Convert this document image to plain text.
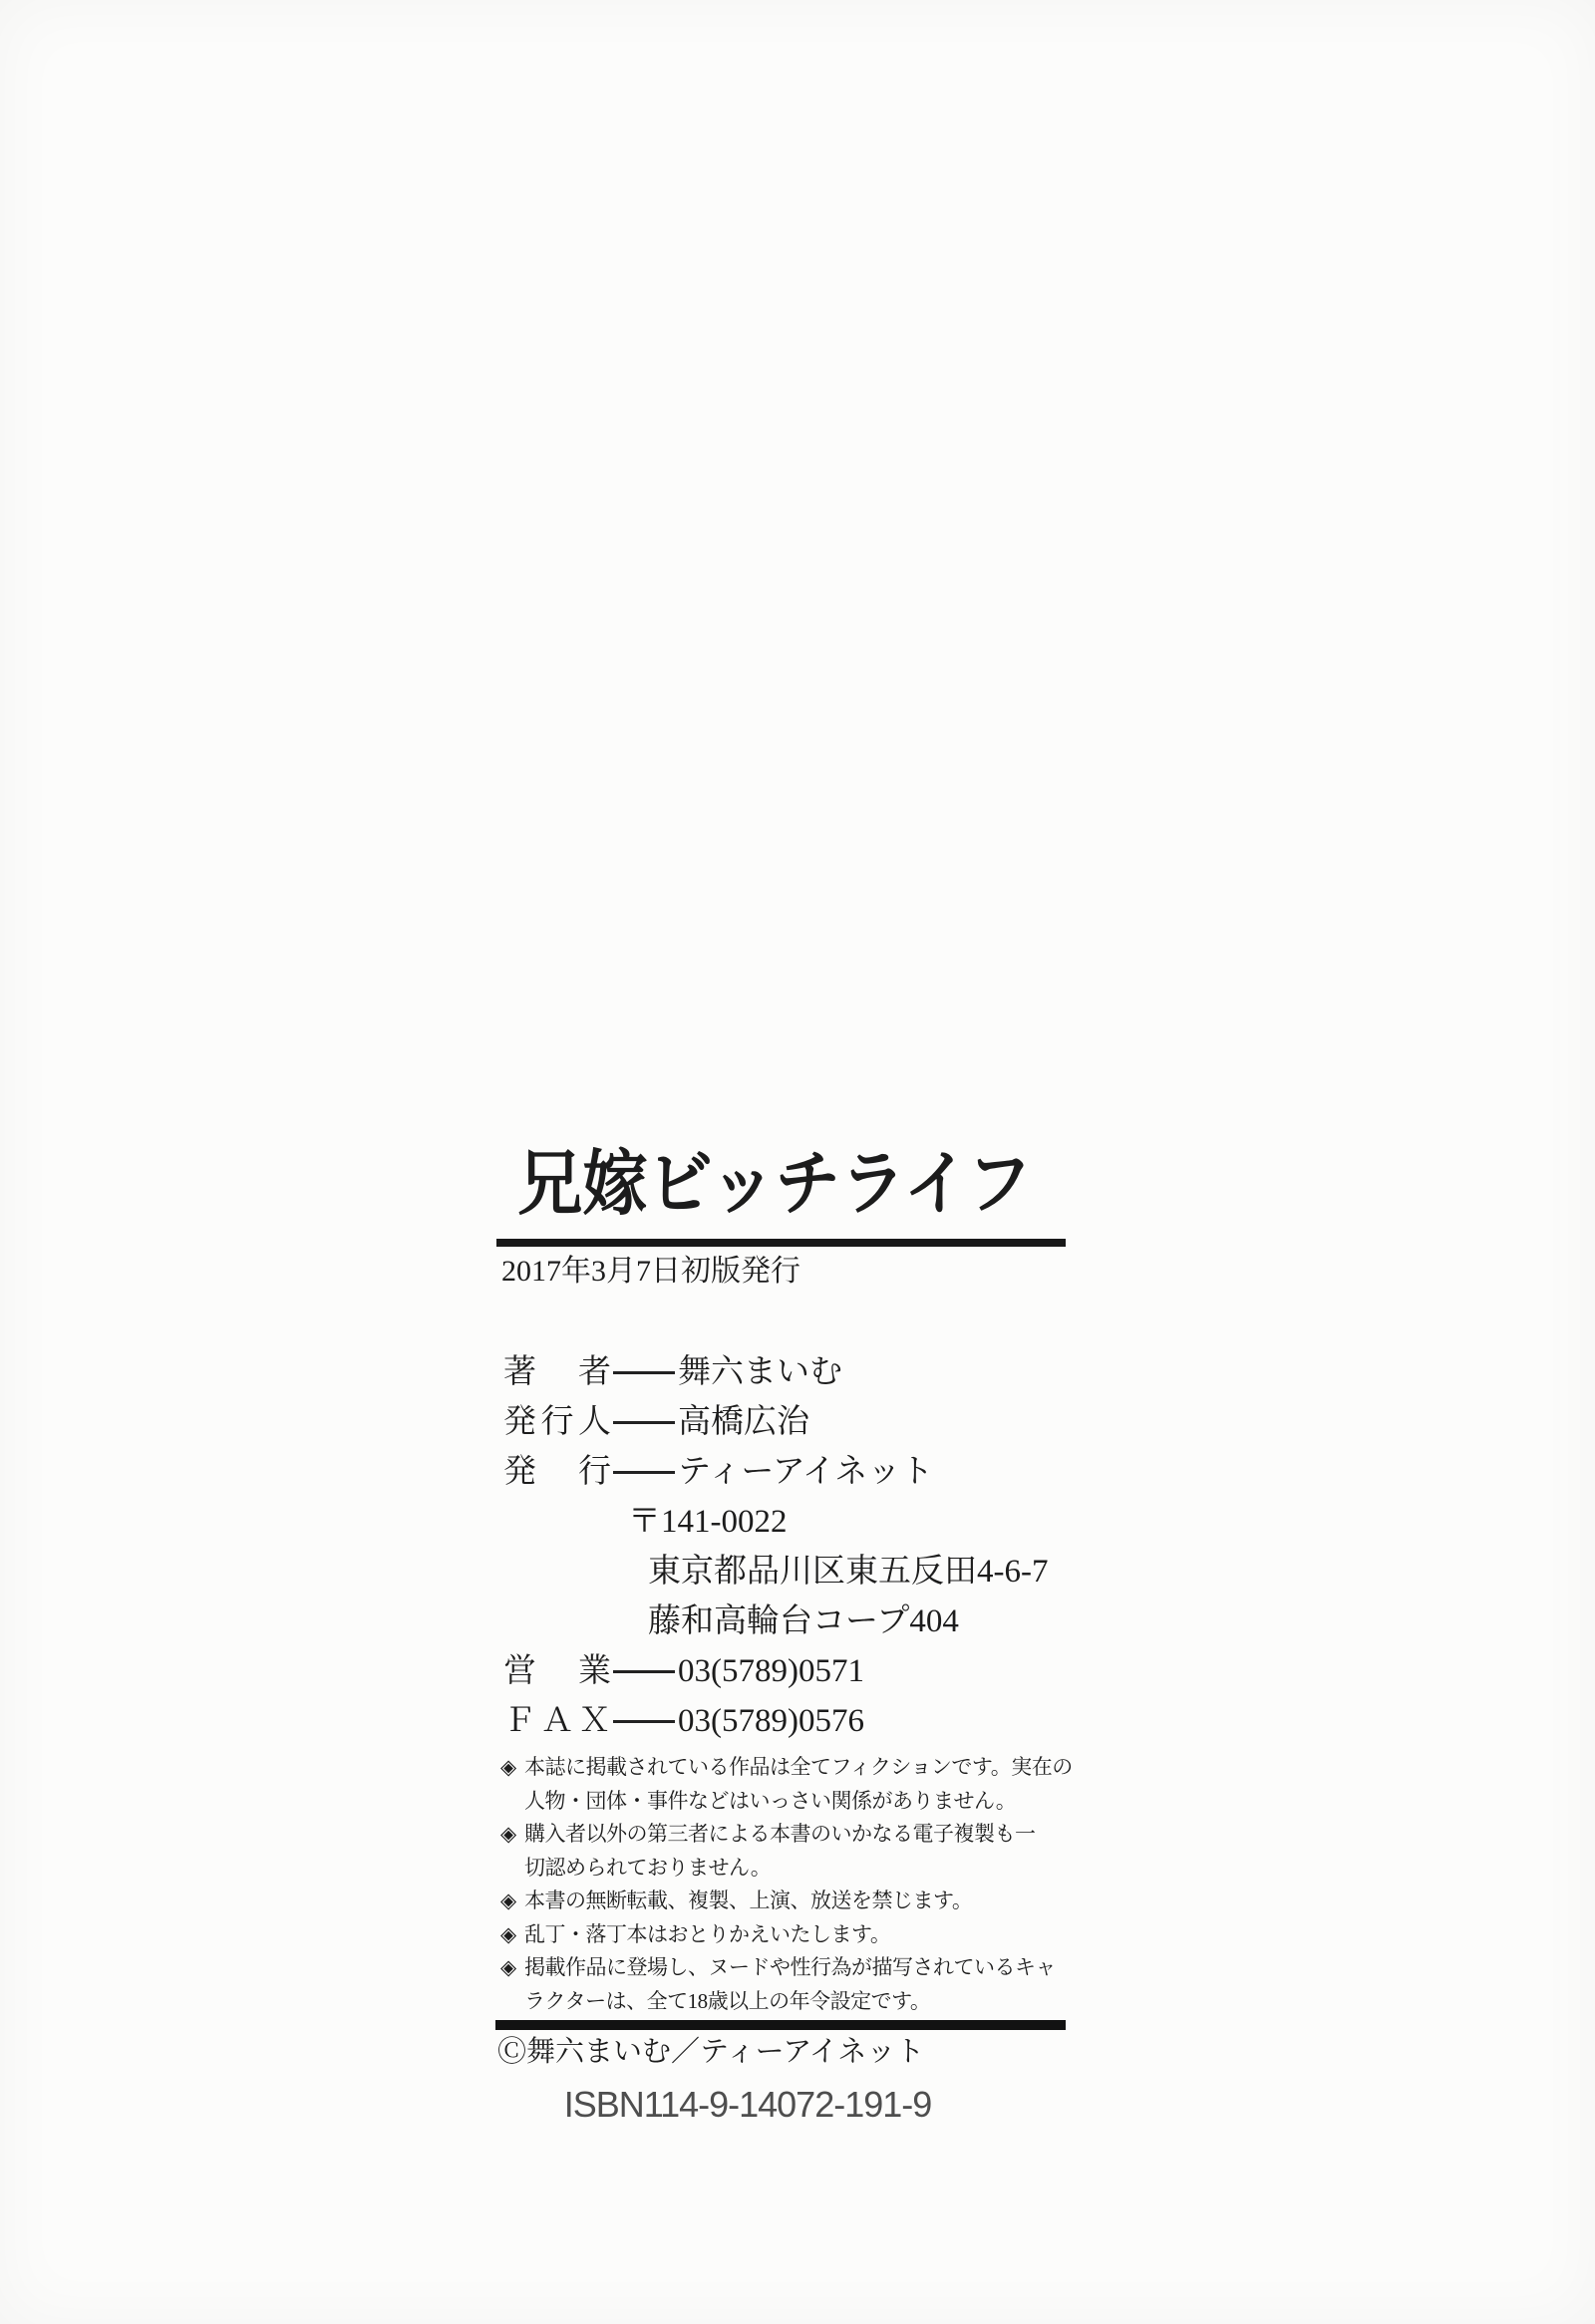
兄嫁ビッチライフ
2017年3月7日初版発行
著者 舞六まいむ
発行人 高橋広治
発行 ティーアイネット
〒141-0022
東京都品川区東五反田4-6-7
藤和高輪台コープ404
営業 03(5789)0571
ＦＡＸ 03(5789)0576
◈ 本誌に掲載されている作品は全てフィクションです。実在の
人物・団体・事件などはいっさい関係がありません。
◈ 購入者以外の第三者による本書のいかなる電子複製も一
切認められておりません。
◈ 本書の無断転載、複製、上演、放送を禁じます。
◈ 乱丁・落丁本はおとりかえいたします。
◈ 掲載作品に登場し、ヌードや性行為が描写されているキャ
ラクターは、全て18歳以上の年令設定です。
Ⓒ舞六まいむ／ティーアイネット
ISBN114-9-14072-191-9
